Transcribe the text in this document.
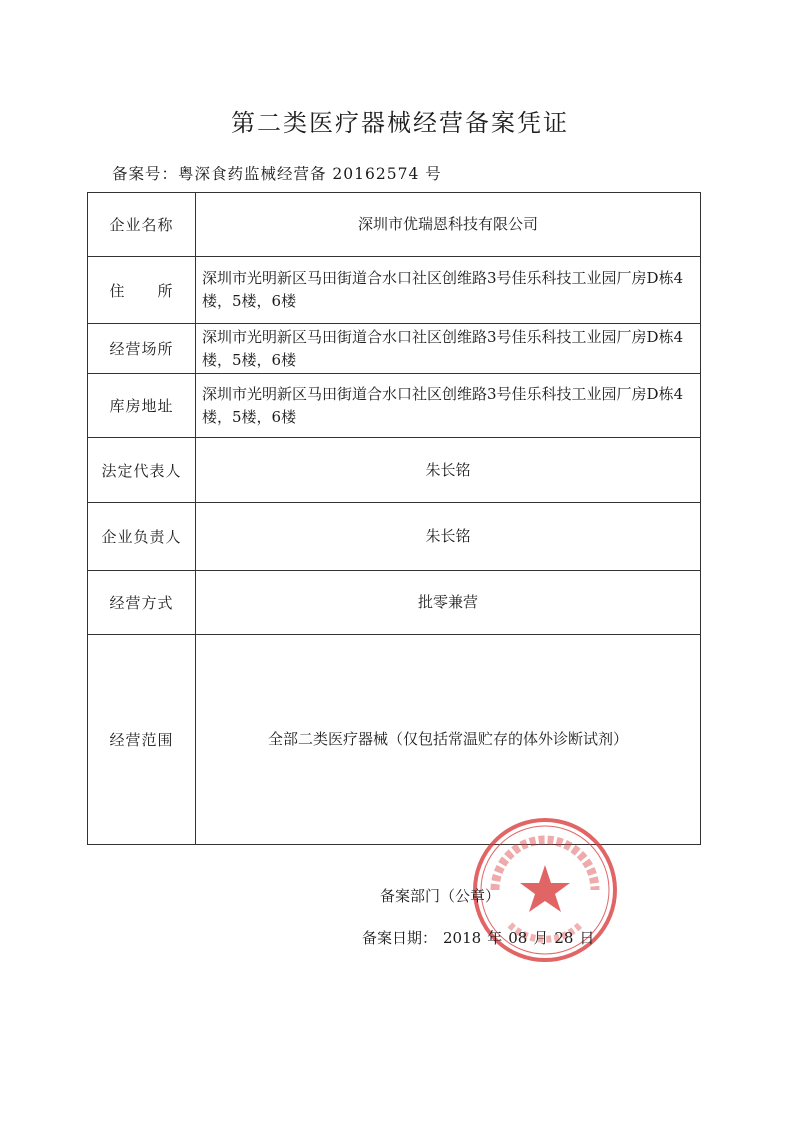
第二类医疗器械经营备案凭证
备案号：粤深食药监械经营备 20162574 号
企业名称	深圳市优瑞恩科技有限公司
住　　所	深圳市光明新区马田街道合水口社区创维路3号佳乐科技工业园厂房D栋4楼，5楼，6楼
经营场所	深圳市光明新区马田街道合水口社区创维路3号佳乐科技工业园厂房D栋4楼，5楼，6楼
库房地址	深圳市光明新区马田街道合水口社区创维路3号佳乐科技工业园厂房D栋4楼，5楼，6楼
法定代表人	朱长铭
企业负责人	朱长铭
经营方式	批零兼营
经营范围	全部二类医疗器械（仅包括常温贮存的体外诊断试剂）
备案部门（公章）
备案日期： 2018 年 08 月 28 日
